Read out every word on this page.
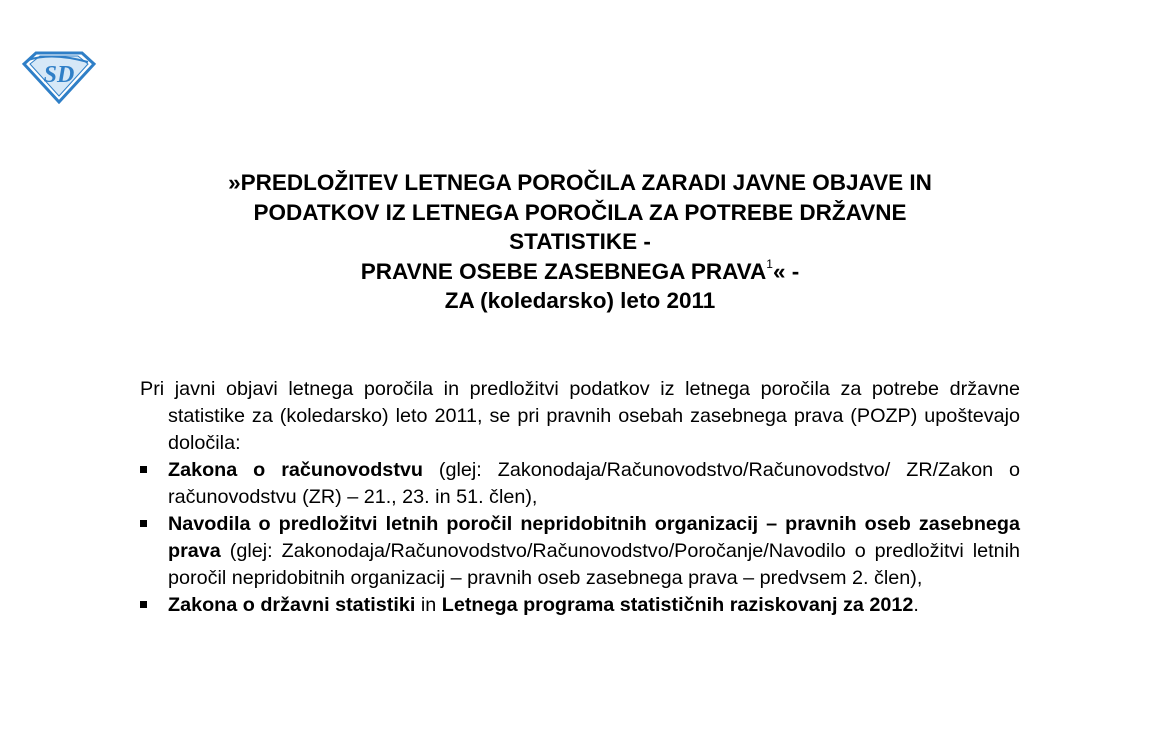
SD
»PREDLOŽITEV LETNEGA POROČILA ZARADI JAVNE OBJAVE IN
PODATKOV IZ LETNEGA POROČILA ZA POTREBE DRŽAVNE
STATISTIKE -
PRAVNE OSEBE ZASEBNEGA PRAVA$^1$« -
ZA (koledarsko) leto 2011

Pri javni objavi letnega poročila in predložitvi podatkov iz letnega poročila za potrebe državne statistike za (koledarsko) leto 2011, se pri pravnih osebah zasebnega prava (POZP) upoštevajo določila:

Zakona o računovodstvu (glej: Zakonodaja/Računovodstvo/Računovodstvo/ ZR/Zakon o računovodstvu (ZR) – 21., 23. in 51. člen),
Navodila o predložitvi letnih poročil nepridobitnih organizacij – pravnih oseb zasebnega prava (glej: Zakonodaja/Računovodstvo/Računovodstvo/Poročanje/Navodilo o predložitvi letnih poročil nepridobitnih organizacij – pravnih oseb zasebnega prava – predvsem 2. člen),
Zakona o državni statistiki in Letnega programa statističnih raziskovanj za 2012.
